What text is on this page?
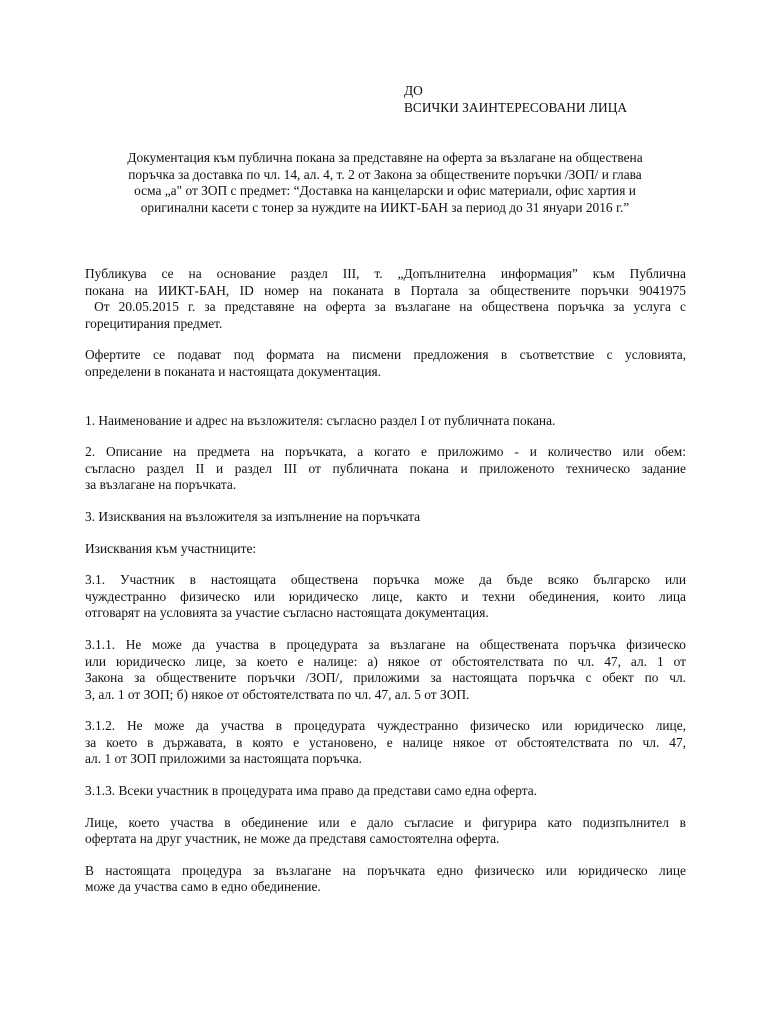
ДО
ВСИЧКИ ЗАИНТЕРЕСОВАНИ ЛИЦА
Документация към публична покана за представяне на оферта за възлагане на обществена
поръчка за доставка по чл. 14, ал. 4, т. 2 от Закона за обществените поръчки /ЗОП/ и глава
осма „а" от ЗОП с предмет: “Доставка на канцеларски и офис материали, офис хартия и
оригинални касети с тонер за нуждите на ИИКТ-БАН за период до 31 януари 2016 г.”

Публикува се на основание раздел III, т. „Допълнителна информация” към Публична
покана на ИИКТ-БАН, ID номер на поканата в Портала за обществените поръчки 9041975
От 20.05.2015 г. за представяне на оферта за възлагане на обществена поръчка за услуга с
горецитирания предмет.

Офертите се подават под формата на писмени предложения в съответствие с условията,
определени в поканата и настоящата документация.

1. Наименование и адрес на възложителя: съгласно раздел I от публичната покана.

2. Описание на предмета на поръчката, а когато е приложимо - и количество или обем:
съгласно раздел II и раздел III от публичната покана и приложеното техническо задание
за възлагане на поръчката.

3. Изисквания на възложителя за изпълнение на поръчката

Изисквания към участниците:

3.1. Участник в настоящата обществена поръчка може да бъде всяко българско или
чуждестранно физическо или юридическо лице, както и техни обединения, които лица
отговарят на условията за участие съгласно настоящата документация.

3.1.1. Не може да участва в процедурата за възлагане на обществената поръчка физическо
или юридическо лице, за което е налице: а) някое от обстоятелствата по чл. 47, ал. 1 от
Закона за обществените поръчки /ЗОП/, приложими за настоящата поръчка с обект по чл.
3, ал. 1 от ЗОП; б) някое от обстоятелствата по чл. 47, ал. 5 от ЗОП.

3.1.2. Не може да участва в процедурата чуждестранно физическо или юридическо лице,
за което в държавата, в която е установено, е налице някое от обстоятелствата по чл. 47,
ал. 1 от ЗОП приложими за настоящата поръчка.

3.1.3. Всеки участник в процедурата има право да представи само една оферта.

Лице, което участва в обединение или е дало съгласие и фигурира като подизпълнител в
офертата на друг участник, не може да представя самостоятелна оферта.

В настоящата процедура за възлагане на поръчката едно физическо или юридическо лице
може да участва само в едно обединение.
